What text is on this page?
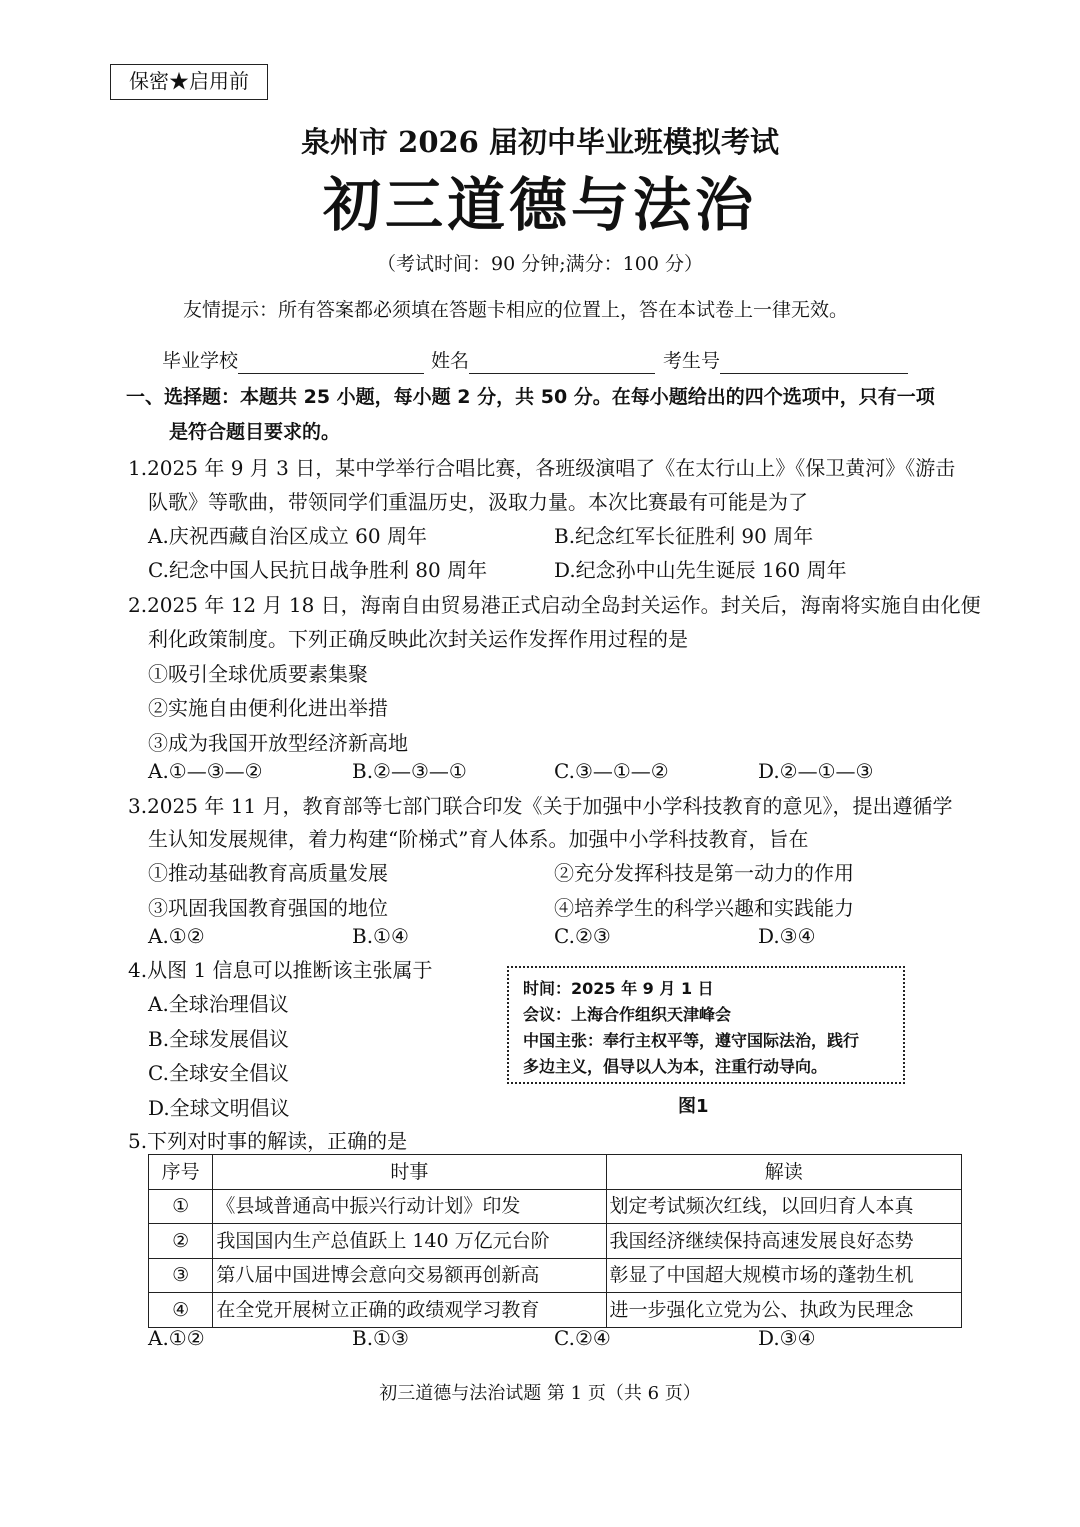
保密★启用前
泉州市 2026 届初中毕业班模拟考试
初三道德与法治
（考试时间：90 分钟;满分：100 分）
友情提示：所有答案都必须填在答题卡相应的位置上，答在本试卷上一律无效。
毕业学校	姓名	考生号
一、选择题：本题共 25 小题，每小题 2 分，共 50 分。在每小题给出的四个选项中，只有一项
是符合题目要求的。
1.2025 年 9 月 3 日，某中学举行合唱比赛，各班级演唱了《在太行山上》《保卫黄河》《游击
队歌》等歌曲，带领同学们重温历史，汲取力量。本次比赛最有可能是为了
A.庆祝西藏自治区成立 60 周年	B.纪念红军长征胜利 90 周年
C.纪念中国人民抗日战争胜利 80 周年	D.纪念孙中山先生诞辰 160 周年
2.2025 年 12 月 18 日，海南自由贸易港正式启动全岛封关运作。封关后，海南将实施自由化便
利化政策制度。下列正确反映此次封关运作发挥作用过程的是
①吸引全球优质要素集聚
②实施自由便利化进出举措
③成为我国开放型经济新高地
A.①—③—②	B.②—③—①	C.③—①—②	D.②—①—③
3.2025 年 11 月，教育部等七部门联合印发《关于加强中小学科技教育的意见》，提出遵循学
生认知发展规律，着力构建“阶梯式”育人体系。加强中小学科技教育，旨在
①推动基础教育高质量发展	②充分发挥科技是第一动力的作用
③巩固我国教育强国的地位	④培养学生的科学兴趣和实践能力
A.①②	B.①④	C.②③	D.③④
4.从图 1 信息可以推断该主张属于
A.全球治理倡议
B.全球发展倡议
C.全球安全倡议
D.全球文明倡议
时间：2025 年 9 月 1 日
会议：上海合作组织天津峰会
中国主张：奉行主权平等，遵守国际法治，践行
多边主义，倡导以人为本，注重行动导向。
图1
5.下列对时事的解读，正确的是
序号	时事	解读
①	《县域普通高中振兴行动计划》印发	划定考试频次红线，以回归育人本真
②	我国国内生产总值跃上 140 万亿元台阶	我国经济继续保持高速发展良好态势
③	第八届中国进博会意向交易额再创新高	彰显了中国超大规模市场的蓬勃生机
④	在全党开展树立正确的政绩观学习教育	进一步强化立党为公、执政为民理念
A.①②	B.①③	C.②④	D.③④
初三道德与法治试题 第 1 页（共 6 页）
